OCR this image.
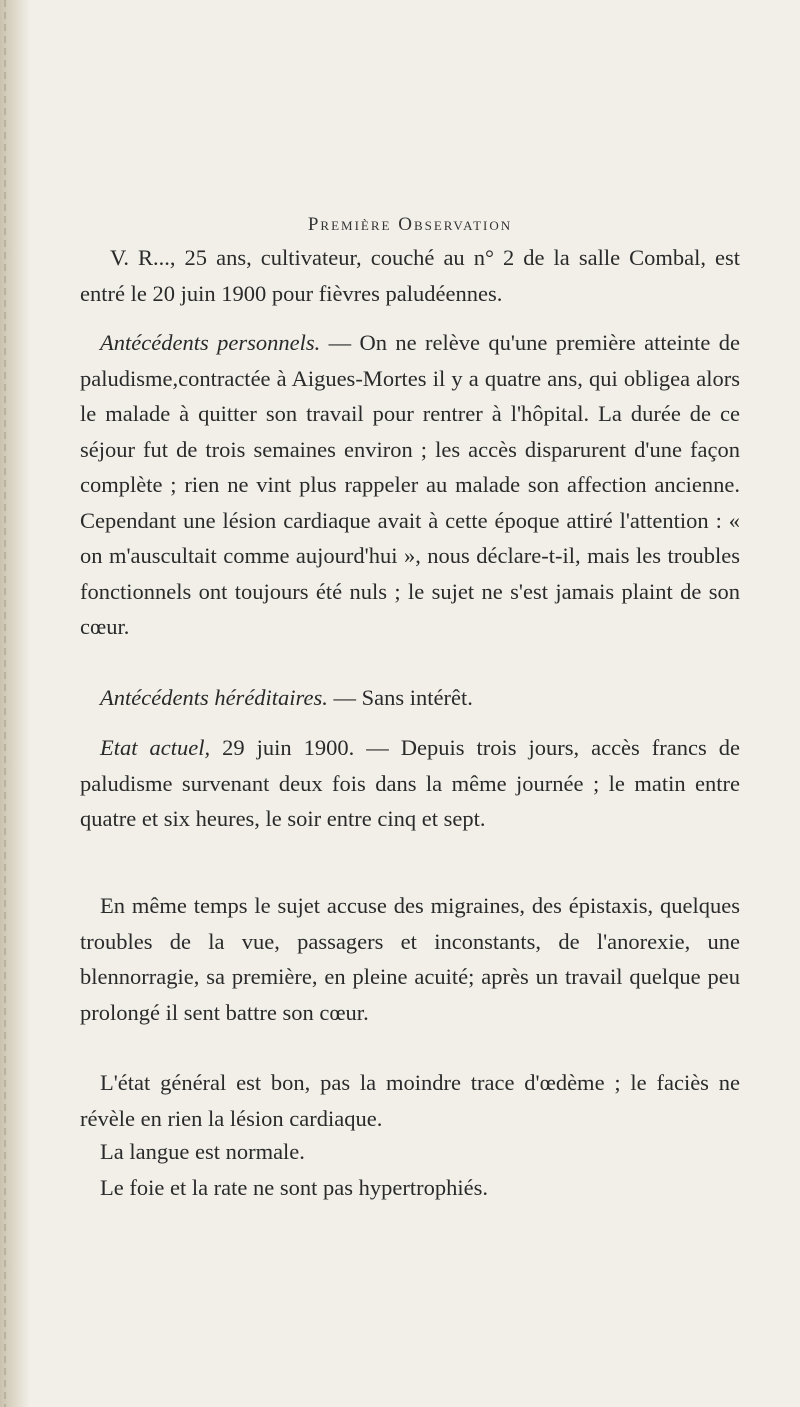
Première Observation

V. R..., 25 ans, cultivateur, couché au n° 2 de la salle Combal, est entré le 20 juin 1900 pour fièvres paludéennes.

Antécédents personnels. — On ne relève qu'une première atteinte de paludisme,contractée à Aigues-Mortes il y a quatre ans, qui obligea alors le malade à quitter son travail pour rentrer à l'hôpital. La durée de ce séjour fut de trois semaines environ ; les accès disparurent d'une façon complète ; rien ne vint plus rappeler au malade son affection ancienne. Cependant une lésion cardiaque avait à cette époque attiré l'attention : « on m'auscultait comme aujourd'hui », nous déclare-t-il, mais les troubles fonctionnels ont toujours été nuls ; le sujet ne s'est jamais plaint de son cœur.

Antécédents héréditaires. — Sans intérêt.

Etat actuel, 29 juin 1900. — Depuis trois jours, accès francs de paludisme survenant deux fois dans la même journée ; le matin entre quatre et six heures, le soir entre cinq et sept.

En même temps le sujet accuse des migraines, des épistaxis, quelques troubles de la vue, passagers et inconstants, de l'anorexie, une blennorragie, sa première, en pleine acuité; après un travail quelque peu prolongé il sent battre son cœur.

L'état général est bon, pas la moindre trace d'œdème ; le faciès ne révèle en rien la lésion cardiaque.

La langue est normale.

Le foie et la rate ne sont pas hypertrophiés.
